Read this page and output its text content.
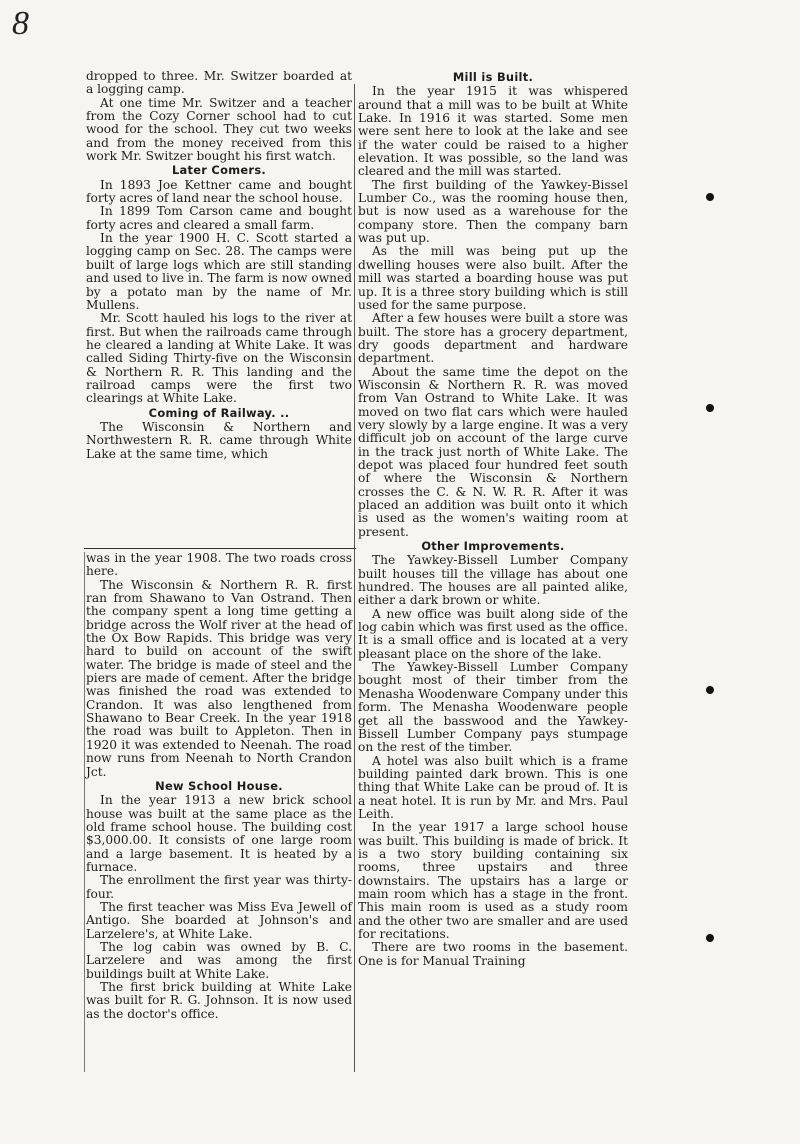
8

dropped to three. Mr. Switzer boarded at a logging camp.

At one time Mr. Switzer and a teacher from the Cozy Corner school had to cut wood for the school. They cut two weeks and from the money received from this work Mr. Switzer bought his first watch.

Later Comers.

In 1893 Joe Kettner came and bought forty acres of land near the school house.

In 1899 Tom Carson came and bought forty acres and cleared a small farm.

In the year 1900 H. C. Scott started a logging camp on Sec. 28. The camps were built of large logs which are still standing and used to live in. The farm is now owned by a potato man by the name of Mr. Mullens.

Mr. Scott hauled his logs to the river at first. But when the railroads came through he cleared a landing at White Lake. It was called Siding Thirty-five on the Wisconsin & Northern R. R. This landing and the railroad camps were the first two clearings at White Lake.

Coming of Railway. ..

The Wisconsin & Northern and Northwestern R. R. came through White Lake at the same time, which

was in the year 1908. The two roads cross here.

The Wisconsin & Northern R. R. first ran from Shawano to Van Ostrand. Then the company spent a long time getting a bridge across the Wolf river at the head of the Ox Bow Rapids. This bridge was very hard to build on account of the swift water. The bridge is made of steel and the piers are made of cement. After the bridge was finished the road was extended to Crandon. It was also lengthened from Shawano to Bear Creek. In the year 1918 the road was built to Appleton. Then in 1920 it was extended to Neenah. The road now runs from Neenah to North Crandon Jct.

New School House.

In the year 1913 a new brick school house was built at the same place as the old frame school house. The building cost $3,000.00. It consists of one large room and a large basement. It is heated by a furnace.

The enrollment the first year was thirty-four.

The first teacher was Miss Eva Jewell of Antigo. She boarded at Johnson's and Larzelere's, at White Lake.

The log cabin was owned by B. C. Larzelere and was among the first buildings built at White Lake.

The first brick building at White Lake was built for R. G. Johnson. It is now used as the doctor's office.

Mill is Built.

In the year 1915 it was whispered around that a mill was to be built at White Lake. In 1916 it was started. Some men were sent here to look at the lake and see if the water could be raised to a higher elevation. It was possible, so the land was cleared and the mill was started.

The first building of the Yawkey-Bissel Lumber Co., was the rooming house then, but is now used as a warehouse for the company store. Then the company barn was put up.

As the mill was being put up the dwelling houses were also built. After the mill was started a boarding house was put up. It is a three story building which is still used for the same purpose.

After a few houses were built a store was built. The store has a grocery department, dry goods department and hardware department.

About the same time the depot on the Wisconsin & Northern R. R. was moved from Van Ostrand to White Lake. It was moved on two flat cars which were hauled very slowly by a large engine. It was a very difficult job on account of the large curve in the track just north of White Lake. The depot was placed four hundred feet south of where the Wisconsin & Northern crosses the C. & N. W. R. R. After it was placed an addition was built onto it which is used as the women's waiting room at present.

Other Improvements.

The Yawkey-Bissell Lumber Company built houses till the village has about one hundred. The houses are all painted alike, either a dark brown or white.

A new office was built along side of the log cabin which was first used as the office. It is a small office and is located at a very pleasant place on the shore of the lake.

The Yawkey-Bissell Lumber Company bought most of their timber from the Menasha Woodenware Company under this form. The Menasha Woodenware people get all the basswood and the Yawkey-Bissell Lumber Company pays stumpage on the rest of the timber.

A hotel was also built which is a frame building painted dark brown. This is one thing that White Lake can be proud of. It is a neat hotel. It is run by Mr. and Mrs. Paul Leith.

In the year 1917 a large school house was built. This building is made of brick. It is a two story building containing six rooms, three upstairs and three downstairs. The upstairs has a large or main room which has a stage in the front. This main room is used as a study room and the other two are smaller and are used for recitations.

There are two rooms in the basement. One is for Manual Training
